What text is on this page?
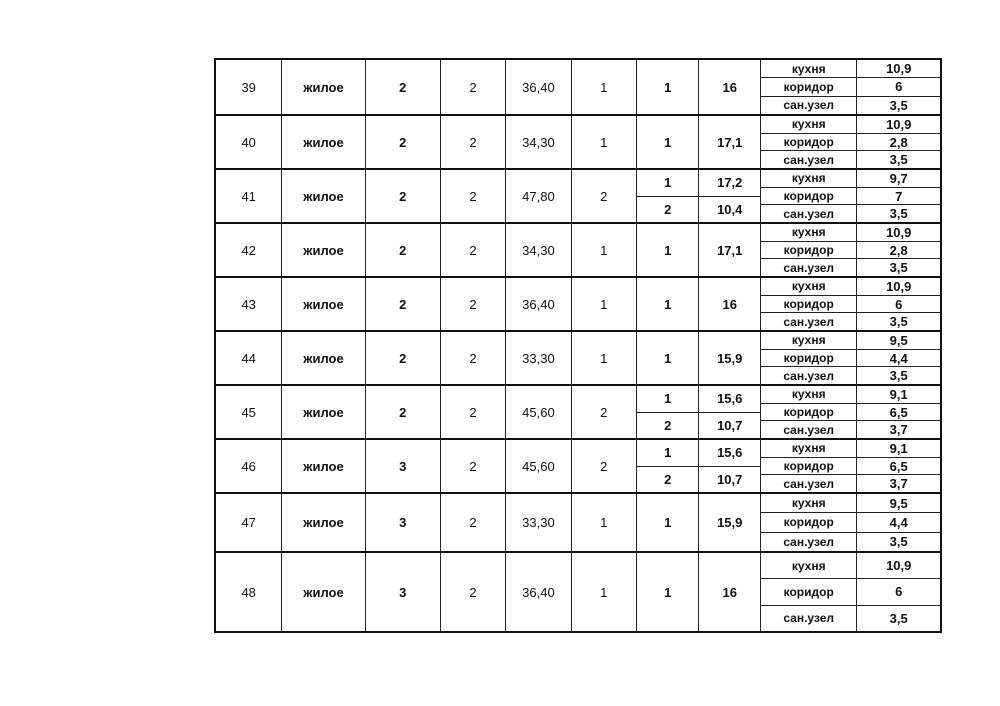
39	жилое	2	2	36,40	1	1	16
кухня	10,9
коридор	6
сан.узел	3,5
40	жилое	2	2	34,30	1	1	17,1
кухня	10,9
коридор	2,8
сан.узел	3,5
41	жилое	2	2	47,80	2
1	17,2
2	10,4
кухня	9,7
коридор	7
сан.узел	3,5
42	жилое	2	2	34,30	1	1	17,1
кухня	10,9
коридор	2,8
сан.узел	3,5
43	жилое	2	2	36,40	1	1	16
кухня	10,9
коридор	6
сан.узел	3,5
44	жилое	2	2	33,30	1	1	15,9
кухня	9,5
коридор	4,4
сан.узел	3,5
45	жилое	2	2	45,60	2
1	15,6
2	10,7
кухня	9,1
коридор	6,5
сан.узел	3,7
46	жилое	3	2	45,60	2
1	15,6
2	10,7
кухня	9,1
коридор	6,5
сан.узел	3,7
47	жилое	3	2	33,30	1	1	15,9
кухня	9,5
коридор	4,4
сан.узел	3,5
48	жилое	3	2	36,40	1	1	16
кухня	10,9
коридор	6
сан.узел	3,5
